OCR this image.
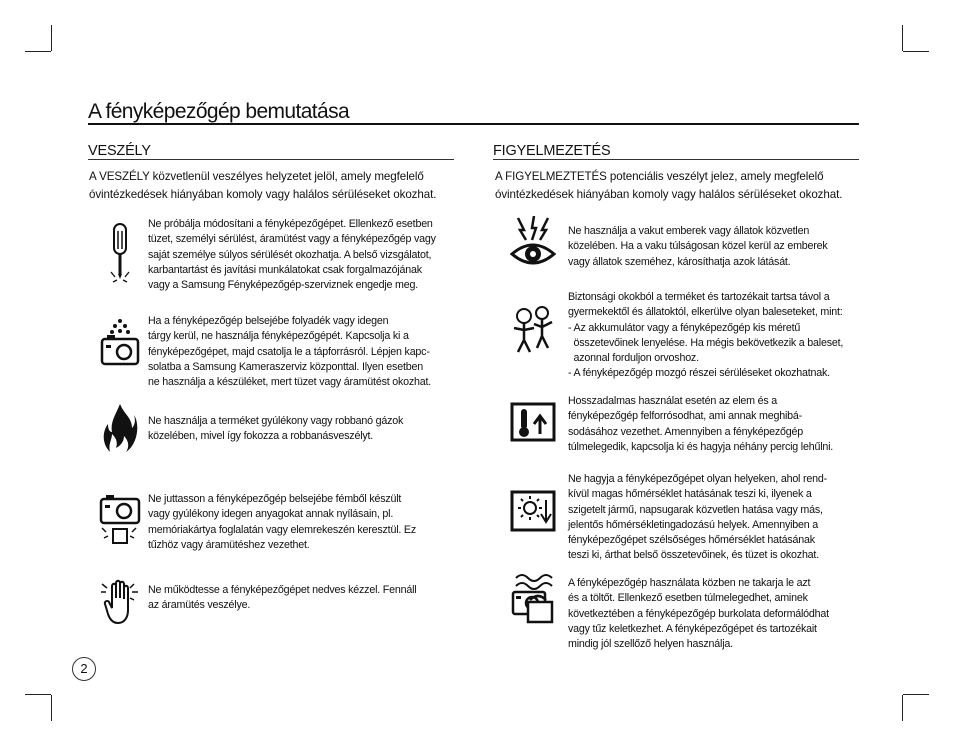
A fényképezőgép bemutatása
VESZÉLY
A VESZÉLY közvetlenül veszélyes helyzetet jelöl, amely megfelelő
óvintézkedések hiányában komoly vagy halálos sérüléseket okozhat.

Ne próbálja módosítani a fényképezőgépet. Ellenkező esetben

tüzet, személyi sérülést, áramütést vagy a fényképezőgép vagy

saját személye súlyos sérülését okozhatja. A belső vizsgálatot,

karbantartást és javítási munkálatokat csak forgalmazójának

vagy a Samsung Fényképezőgép-szerviznek engedje meg.

Ha a fényképezőgép belsejébe folyadék vagy idegen

tárgy kerül, ne használja fényképezőgépét. Kapcsolja ki a

fényképezőgépet, majd csatolja le a tápforrásról. Lépjen kapc-

solatba a Samsung Kameraszerviz központtal. Ilyen esetben

ne használja a készüléket, mert tüzet vagy áramütést okozhat.

Ne használja a terméket gyúlékony vagy robbanó gázok

közelében, mivel így fokozza a robbanásveszélyt.

Ne juttasson a fényképezőgép belsejébe fémből készült

vagy gyúlékony idegen anyagokat annak nyílásain, pl.

memóriakártya foglalatán vagy elemrekeszén keresztül. Ez

tűzhöz vagy áramütéshez vezethet.

Ne működtesse a fényképezőgépet nedves kézzel. Fennáll

az áramütés veszélye.

FIGYELMEZETÉS
A FIGYELMEZTETÉS potenciális veszélyt jelez, amely megfelelő
óvintézkedések hiányában komoly vagy halálos sérüléseket okozhat.

Ne használja a vakut emberek vagy állatok közvetlen

közelében. Ha a vaku túlságosan közel kerül az emberek

vagy állatok szeméhez, károsíthatja azok látását.

Biztonsági okokból a terméket és tartozékait tartsa távol a

gyermekektől és állatoktól, elkerülve olyan baleseteket, mint:

- Az akkumulátor vagy a fényképezőgép kis méretű

összetevőinek lenyelése. Ha mégis bekövetkezik a baleset,

azonnal forduljon orvoshoz.

- A fényképezőgép mozgó részei sérüléseket okozhatnak.

Hosszadalmas használat esetén az elem és a

fényképezőgép felforrósodhat, ami annak meghibá-

sodásához vezethet. Amennyiben a fényképezőgép

túlmelegedik, kapcsolja ki és hagyja néhány percig lehűlni.

Ne hagyja a fényképezőgépet olyan helyeken, ahol rend-

kívül magas hőmérséklet hatásának teszi ki, ilyenek a

szigetelt jármű, napsugarak közvetlen hatása vagy más,

jelentős hőmérsékletingadozású helyek. Amennyiben a

fényképezőgépet szélsőséges hőmérséklet hatásának

teszi ki, árthat belső összetevőinek, és tüzet is okozhat.

A fényképezőgép használata közben ne takarja le azt

és a töltőt. Ellenkező esetben túlmelegedhet, aminek

következtében a fényképezőgép burkolata deformálódhat

vagy tűz keletkezhet. A fényképezőgépet és tartozékait

mindig jól szellőző helyen használja.

2
